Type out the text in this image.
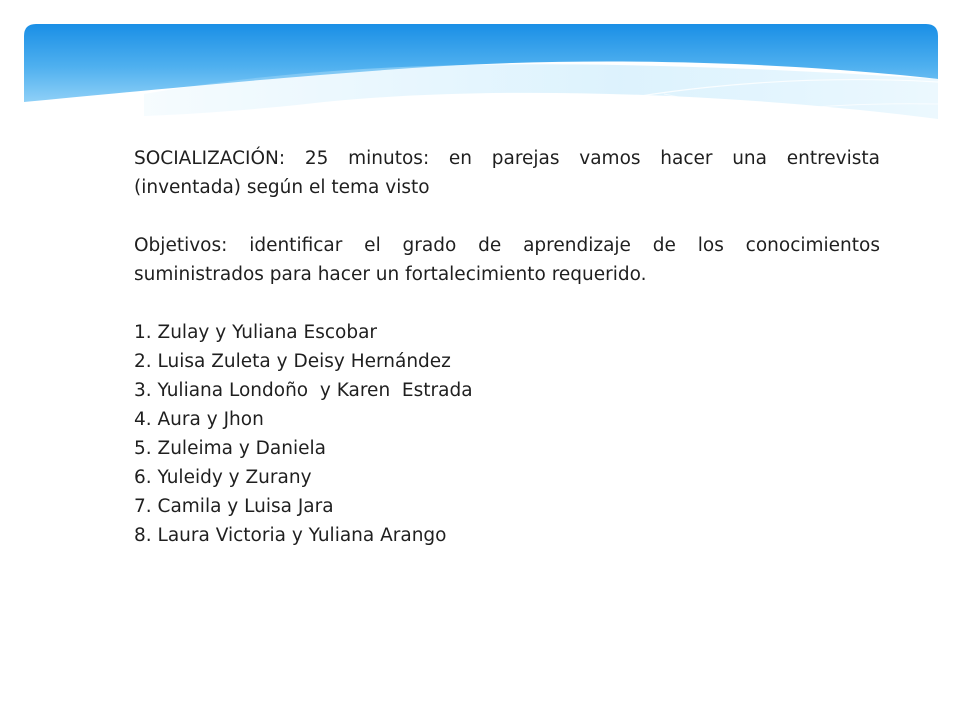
SOCIALIZACIÓN: 25 minutos: en parejas vamos hacer una entrevista (inventada) según el tema visto

Objetivos: identificar el grado de aprendizaje de los conocimientos suministrados para hacer un fortalecimiento requerido.

1. Zulay y Yuliana Escobar
2. Luisa Zuleta y Deisy Hernández
3. Yuliana Londoño  y Karen  Estrada
4. Aura y Jhon
5. Zuleima y Daniela
6. Yuleidy y Zurany
7. Camila y Luisa Jara
8. Laura Victoria y Yuliana Arango
